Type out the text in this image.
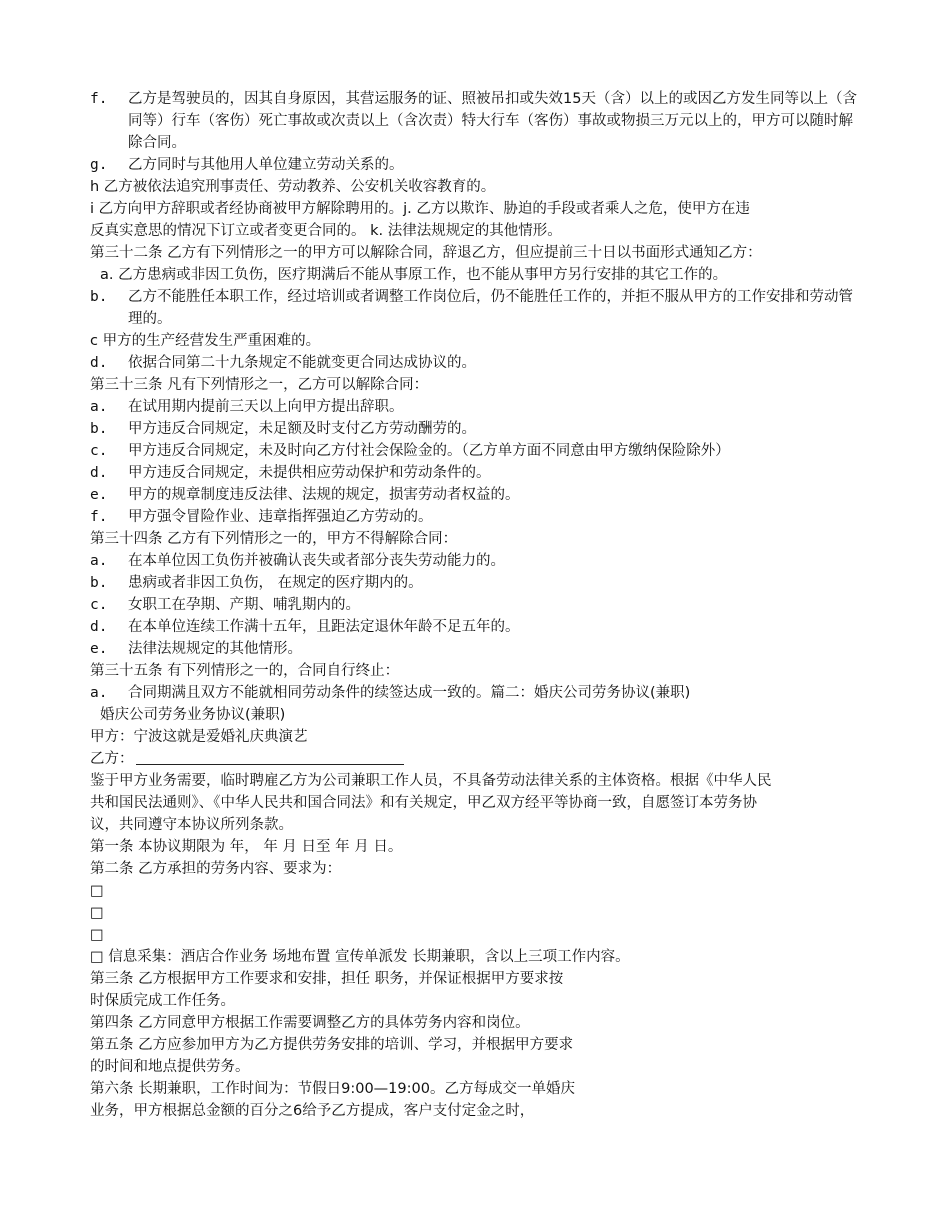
f.	乙方是驾驶员的，因其自身原因，其营运服务的证、照被吊扣或失效15天（含）以上的或因乙方发生同等以上（含同等）行车（客伤）死亡事故或次责以上（含次责）特大行车（客伤）事故或物损三万元以上的，甲方可以随时解除合同。
g.	乙方同时与其他用人单位建立劳动关系的。
h 乙方被依法追究刑事责任、劳动教养、公安机关收容教育的。
i 乙方向甲方辞职或者经协商被甲方解除聘用的。j. 乙方以欺诈、胁迫的手段或者乘人之危，使甲方在违
反真实意思的情况下订立或者变更合同的。 k. 法律法规规定的其他情形。
第三十二条 乙方有下列情形之一的甲方可以解除合同，辞退乙方，但应提前三十日以书面形式通知乙方：
a. 乙方患病或非因工负伤，医疗期满后不能从事原工作，也不能从事甲方另行安排的其它工作的。
b.	乙方不能胜任本职工作，经过培训或者调整工作岗位后，仍不能胜任工作的，并拒不服从甲方的工作安排和劳动管理的。
c 甲方的生产经营发生严重困难的。
d.	依据合同第二十九条规定不能就变更合同达成协议的。
第三十三条 凡有下列情形之一，乙方可以解除合同：
a.	在试用期内提前三天以上向甲方提出辞职。
b.	甲方违反合同规定，未足额及时支付乙方劳动酬劳的。
c.	甲方违反合同规定，未及时向乙方付社会保险金的。（乙方单方面不同意由甲方缴纳保险除外）
d.	甲方违反合同规定，未提供相应劳动保护和劳动条件的。
e.	甲方的规章制度违反法律、法规的规定，损害劳动者权益的。
f.	甲方强令冒险作业、违章指挥强迫乙方劳动的。
第三十四条 乙方有下列情形之一的，甲方不得解除合同：
a.	在本单位因工负伤并被确认丧失或者部分丧失劳动能力的。
b.	患病或者非因工负伤， 在规定的医疗期内的。
c.	女职工在孕期、产期、哺乳期内的。
d.	在本单位连续工作满十五年，且距法定退休年龄不足五年的。
e.	法律法规规定的其他情形。
第三十五条 有下列情形之一的，合同自行终止：
a.	合同期满且双方不能就相同劳动条件的续签达成一致的。篇二：婚庆公司劳务协议(兼职)
婚庆公司劳务业务协议(兼职)
甲方：宁波这就是爱婚礼庆典演艺
乙方：
鉴于甲方业务需要，临时聘雇乙方为公司兼职工作人员，不具备劳动法律关系的主体资格。根据《中华人民
共和国民法通则》、《中华人民共和国合同法》和有关规定，甲乙双方经平等协商一致，自愿签订本劳务协
议，共同遵守本协议所列条款。
第一条 本协议期限为 年， 年 月 日至 年 月 日。
第二条 乙方承担的劳务内容、要求为：
□
□
□
□ 信息采集：酒店合作业务 场地布置 宣传单派发 长期兼职，含以上三项工作内容。
第三条 乙方根据甲方工作要求和安排，担任 职务，并保证根据甲方要求按
时保质完成工作任务。
第四条 乙方同意甲方根据工作需要调整乙方的具体劳务内容和岗位。
第五条 乙方应参加甲方为乙方提供劳务安排的培训、学习，并根据甲方要求
的时间和地点提供劳务。
第六条 长期兼职，工作时间为：节假日9:00—19:00。乙方每成交一单婚庆
业务，甲方根据总金额的百分之6给予乙方提成，客户支付定金之时，
